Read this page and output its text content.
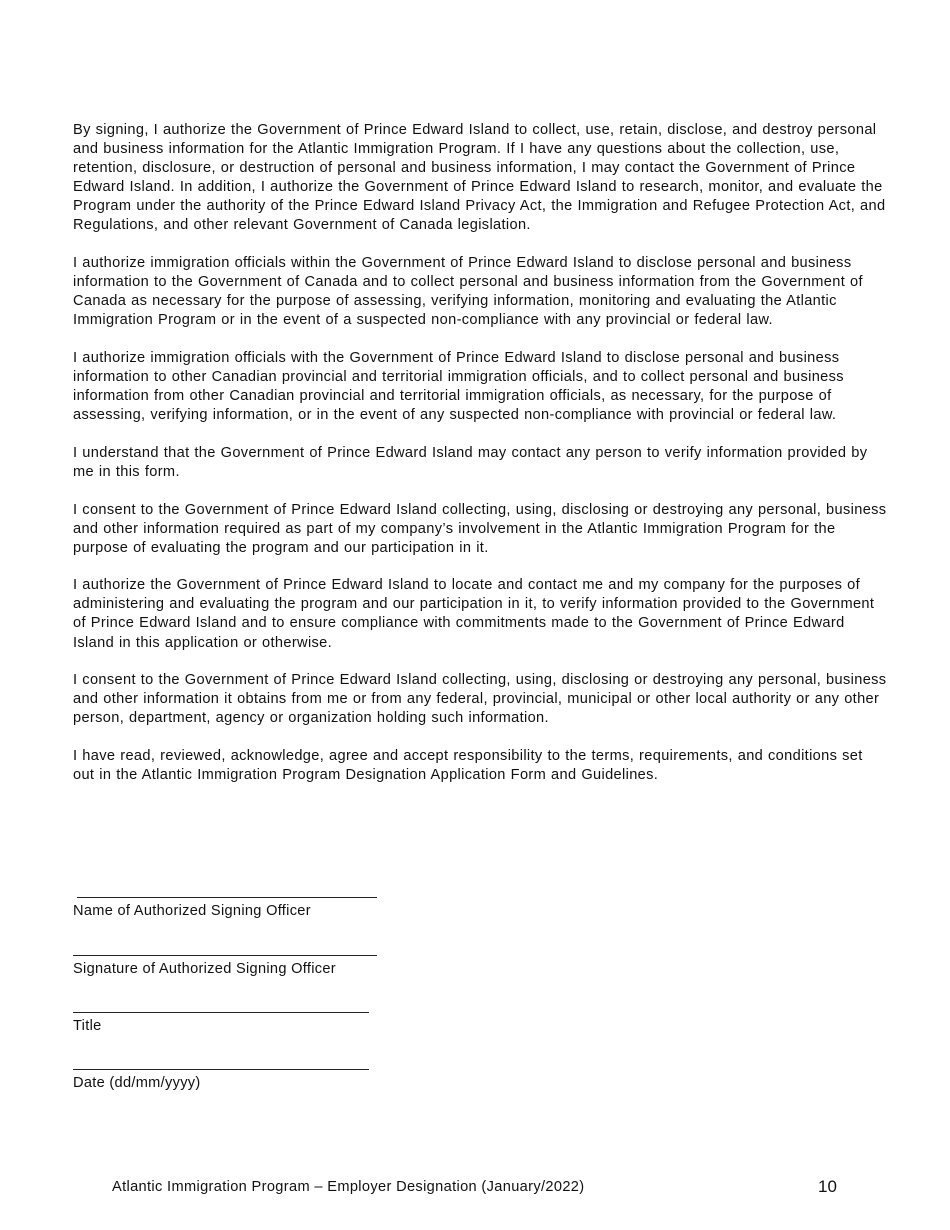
By signing, I authorize the Government of Prince Edward Island to collect, use, retain, disclose, and destroy personal and business information for the Atlantic Immigration Program. If I have any questions about the collection, use, retention, disclosure, or destruction of personal and business information, I may contact the Government of Prince Edward Island. In addition, I authorize the Government of Prince Edward Island to research, monitor, and evaluate the Program under the authority of the Prince Edward Island Privacy Act, the Immigration and Refugee Protection Act, and Regulations, and other relevant Government of Canada legislation.

I authorize immigration officials within the Government of Prince Edward Island to disclose personal and business information to the Government of Canada and to collect personal and business information from the Government of Canada as necessary for the purpose of assessing, verifying information, monitoring and evaluating the Atlantic Immigration Program or in the event of a suspected non-compliance with any provincial or federal law.

I authorize immigration officials with the Government of Prince Edward Island to disclose personal and business information to other Canadian provincial and territorial immigration officials, and to collect personal and business information from other Canadian provincial and territorial immigration officials, as necessary, for the purpose of assessing, verifying information, or in the event of any suspected non-compliance with provincial or federal law.

I understand that the Government of Prince Edward Island may contact any person to verify information provided by me in this form.

I consent to the Government of Prince Edward Island collecting, using, disclosing or destroying any personal, business and other information required as part of my company’s involvement in the Atlantic Immigration Program for the purpose of evaluating the program and our participation in it.

I authorize the Government of Prince Edward Island to locate and contact me and my company for the purposes of administering and evaluating the program and our participation in it, to verify information provided to the Government of Prince Edward Island and to ensure compliance with commitments made to the Government of Prince Edward Island in this application or otherwise.

I consent to the Government of Prince Edward Island collecting, using, disclosing or destroying any personal, business and other information it obtains from me or from any federal, provincial, municipal or other local authority or any other person, department, agency or organization holding such information.

I have read, reviewed, acknowledge, agree and accept responsibility to the terms, requirements, and conditions set out in the Atlantic Immigration Program Designation Application Form and Guidelines.

Name of Authorized Signing Officer
Signature of Authorized Signing Officer
Title
Date (dd/mm/yyyy)
Atlantic Immigration Program – Employer Designation (January/2022)	10
